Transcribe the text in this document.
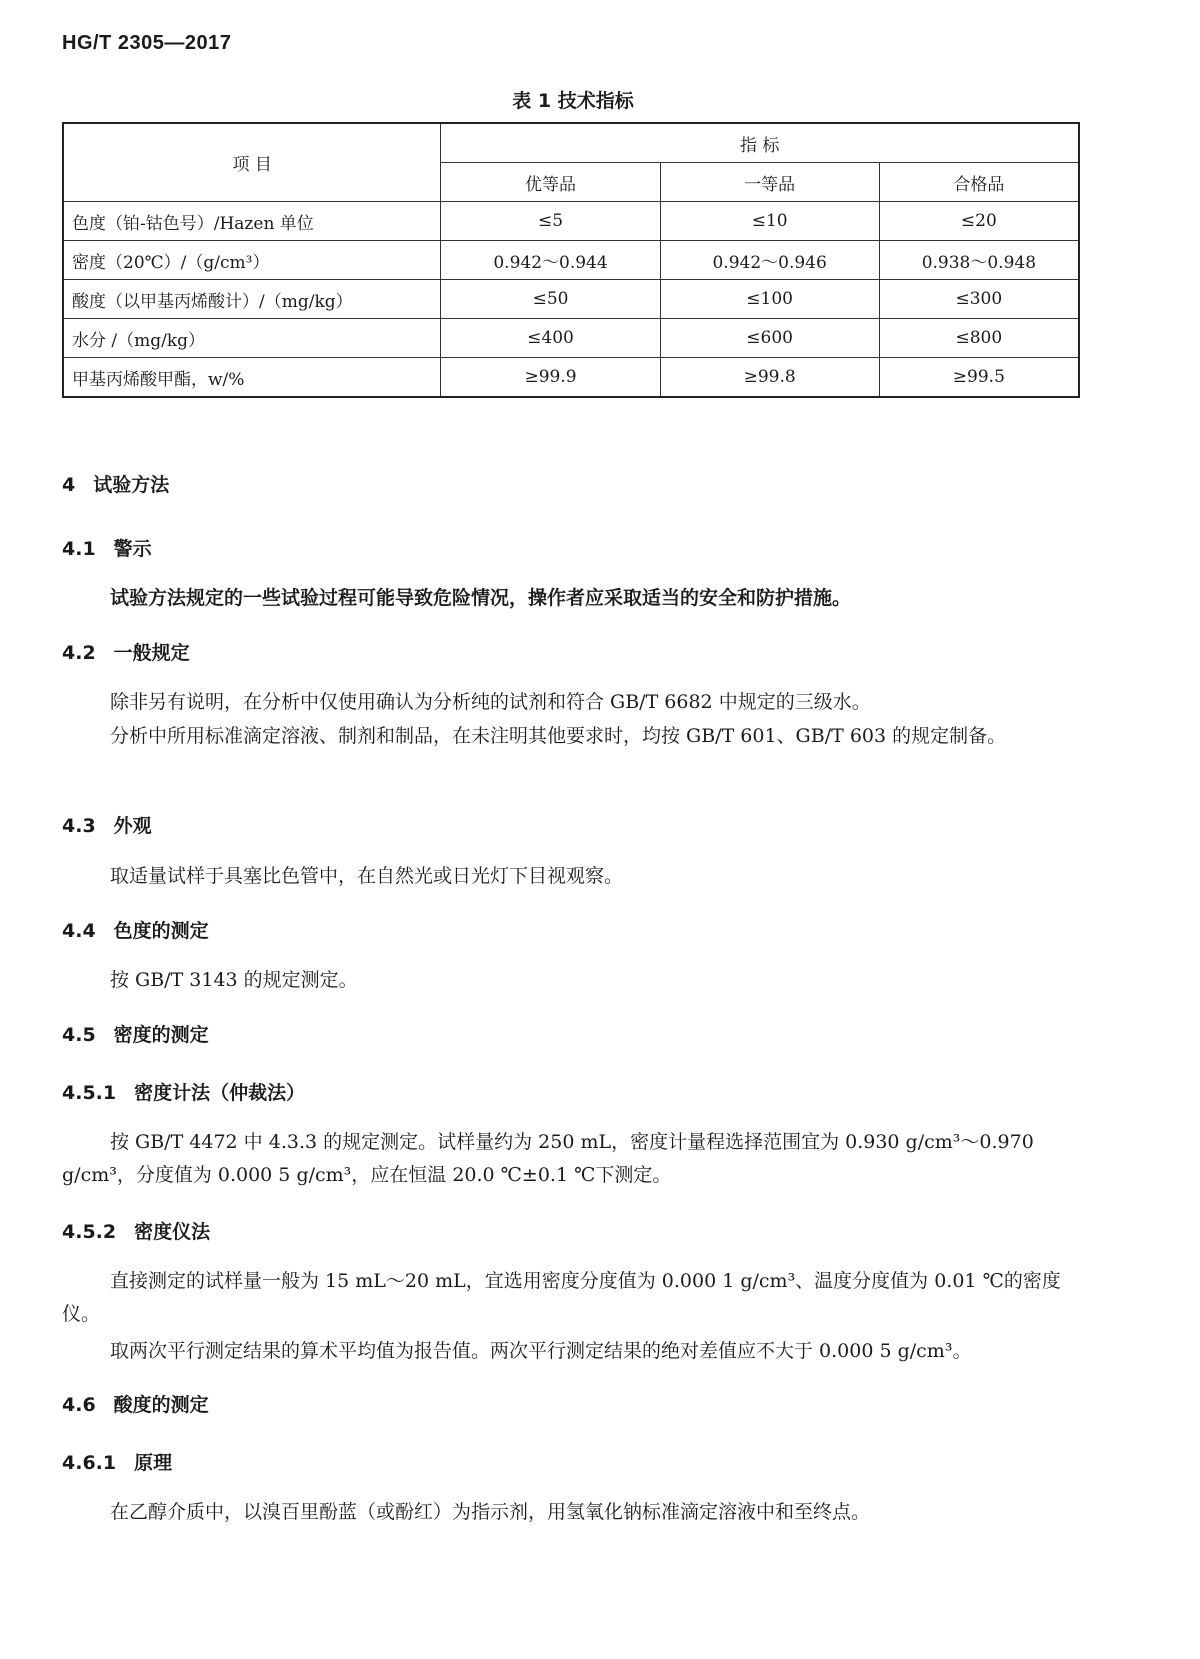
HG/T 2305—2017
表 1 技术指标
项 目	指 标		
	优等品	一等品	合格品
色度（铂-钴色号）/Hazen 单位	≤5	≤10	≤20
密度（20℃）/（g/cm³）	0.942～0.944	0.942～0.946	0.938～0.948
酸度（以甲基丙烯酸计）/（mg/kg）	≤50	≤100	≤300
水分 /（mg/kg）	≤400	≤600	≤800
甲基丙烯酸甲酯，w/%	≥99.9	≥99.8	≥99.5
4 试验方法
4.1 警示
试验方法规定的一些试验过程可能导致危险情况，操作者应采取适当的安全和防护措施。
4.2 一般规定
除非另有说明，在分析中仅使用确认为分析纯的试剂和符合 GB/T 6682 中规定的三级水。
分析中所用标准滴定溶液、制剂和制品，在未注明其他要求时，均按 GB/T 601、GB/T 603 的规定制备。
4.3 外观
取适量试样于具塞比色管中，在自然光或日光灯下目视观察。
4.4 色度的测定
按 GB/T 3143 的规定测定。
4.5 密度的测定
4.5.1 密度计法（仲裁法）
按 GB/T 4472 中 4.3.3 的规定测定。试样量约为 250 mL，密度计量程选择范围宜为 0.930 g/cm³～0.970 g/cm³，分度值为 0.000 5 g/cm³，应在恒温 20.0 ℃±0.1 ℃下测定。
4.5.2 密度仪法
直接测定的试样量一般为 15 mL～20 mL，宜选用密度分度值为 0.000 1 g/cm³、温度分度值为 0.01 ℃的密度仪。
取两次平行测定结果的算术平均值为报告值。两次平行测定结果的绝对差值应不大于 0.000 5 g/cm³。
4.6 酸度的测定
4.6.1 原理
在乙醇介质中，以溴百里酚蓝（或酚红）为指示剂，用氢氧化钠标准滴定溶液中和至终点。
